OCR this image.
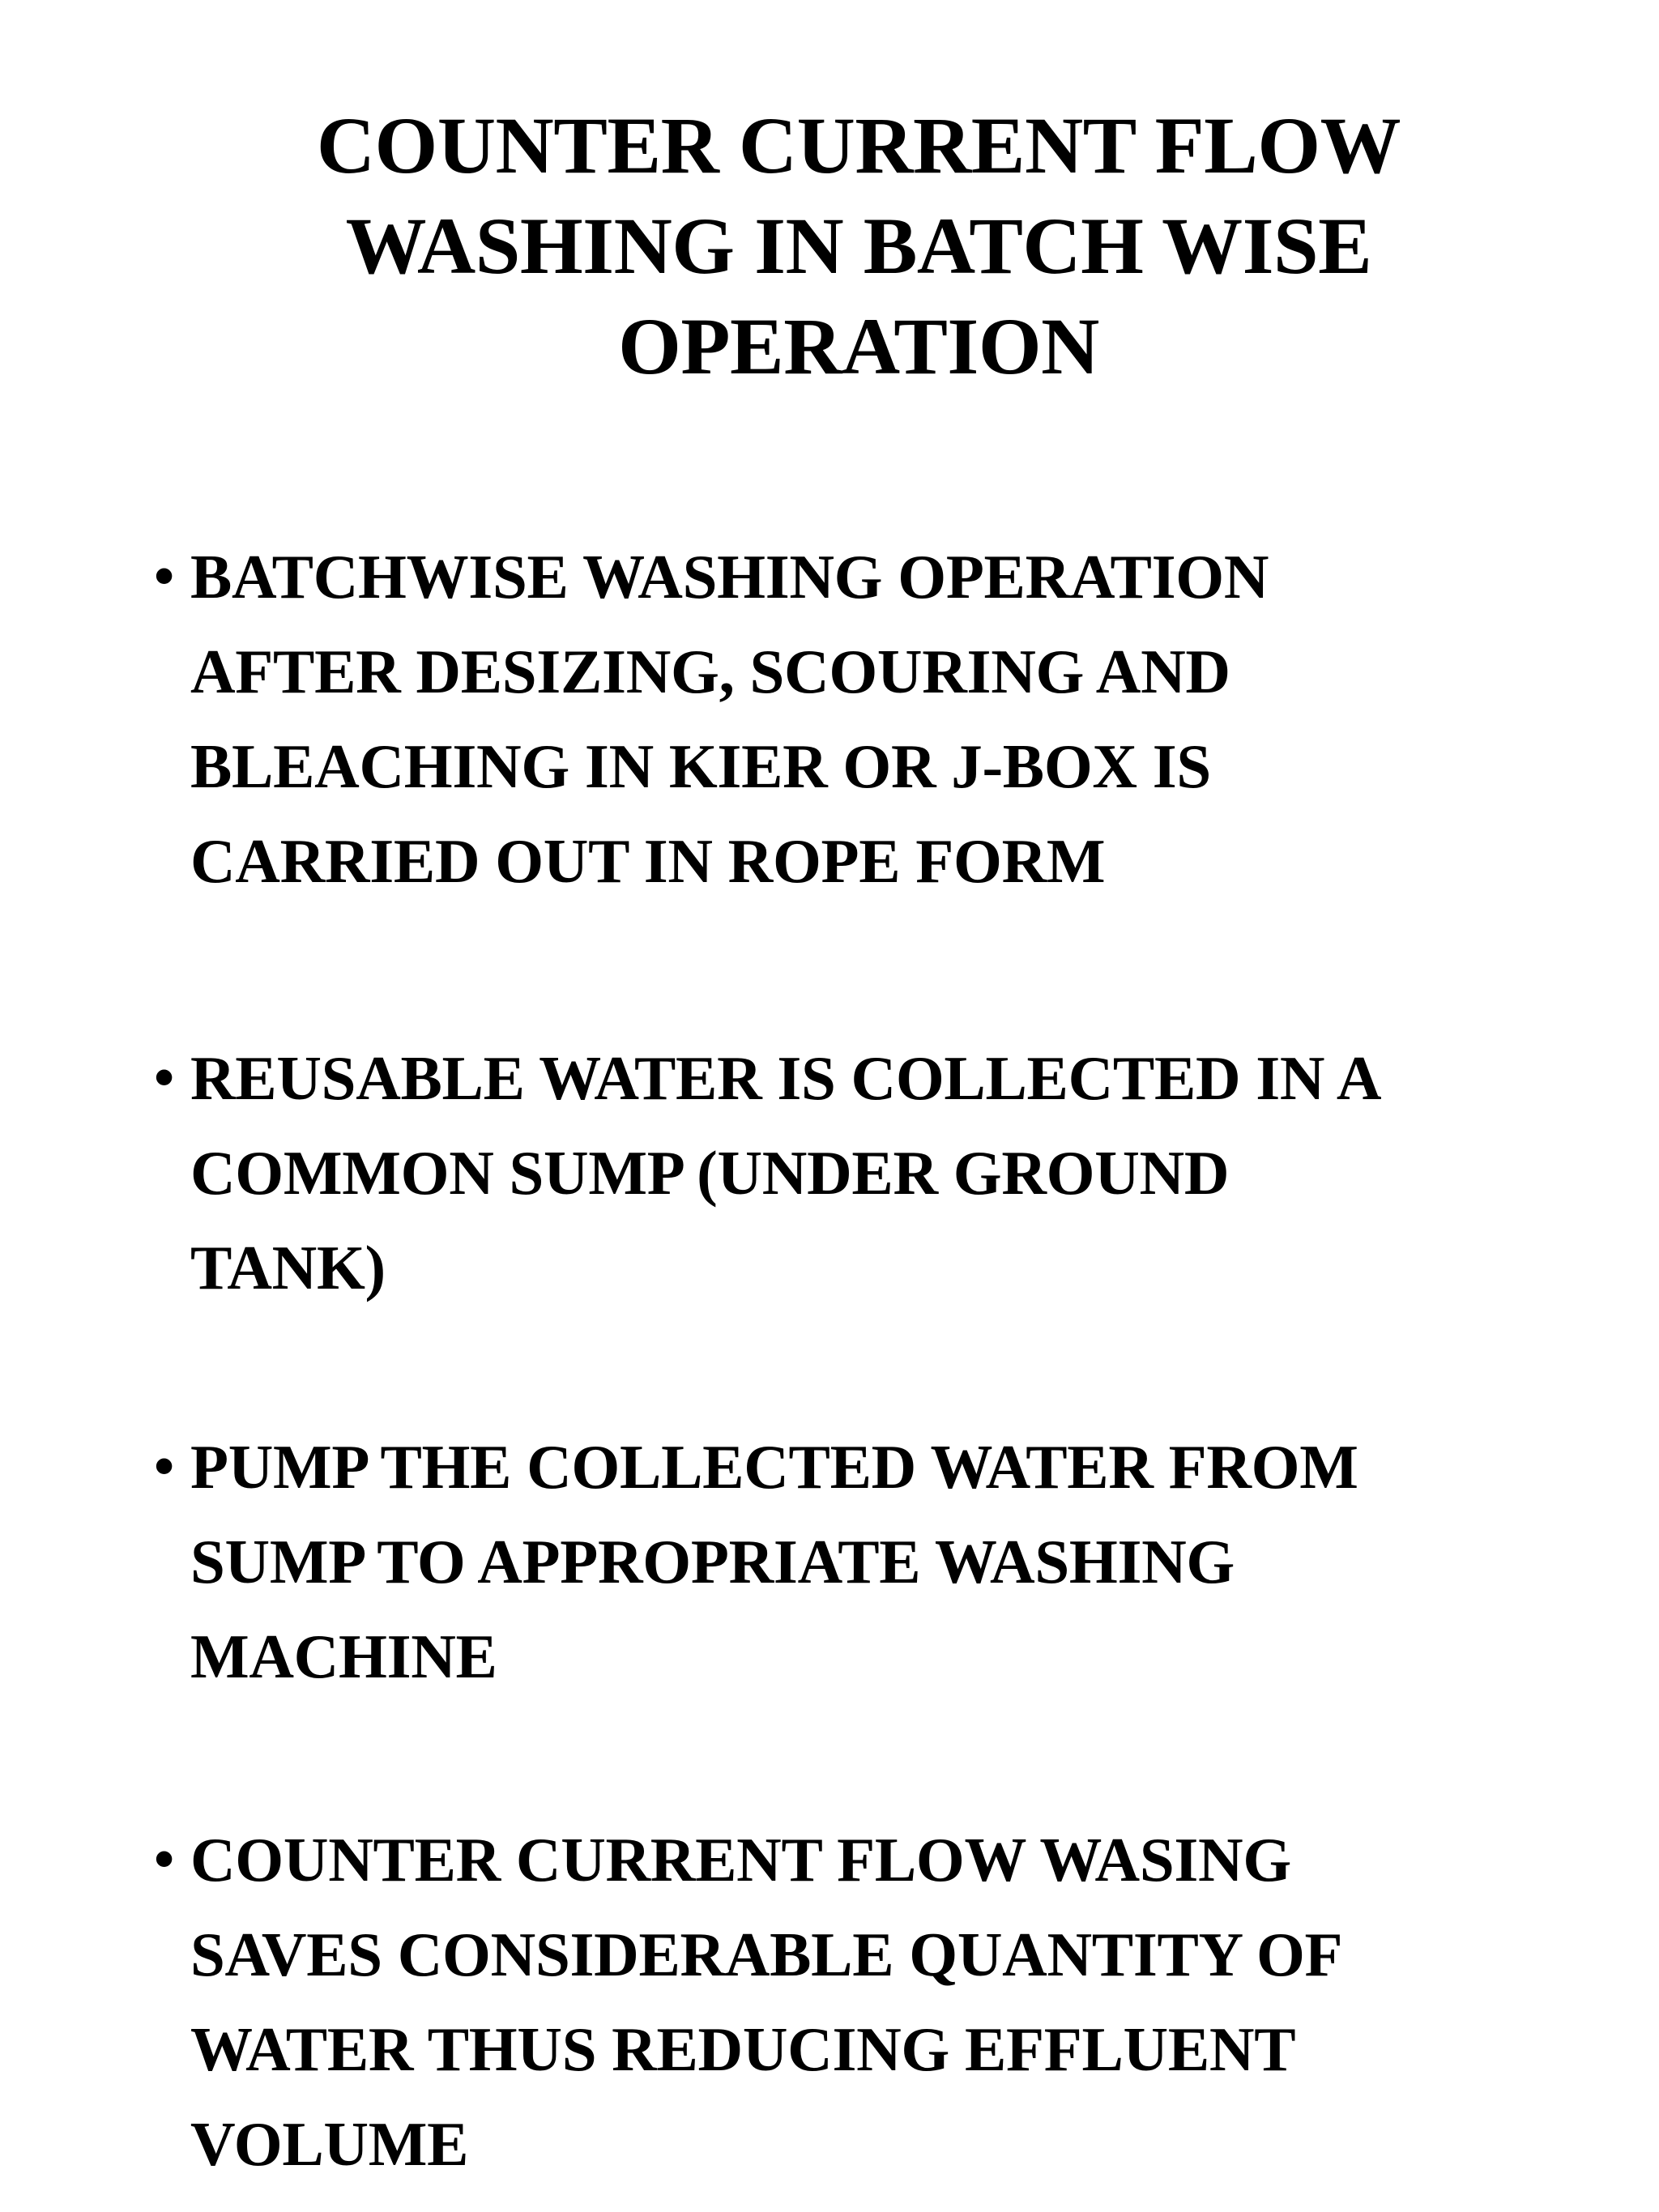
COUNTER CURRENT FLOW
WASHING IN BATCH WISE
OPERATION
• BATCHWISE WASHING OPERATION
AFTER DESIZING, SCOURING AND
BLEACHING IN KIER OR J-BOX IS
CARRIED OUT IN ROPE FORM
• REUSABLE WATER IS COLLECTED IN A
COMMON SUMP (UNDER GROUND
TANK)
• PUMP THE COLLECTED WATER FROM
SUMP TO APPROPRIATE WASHING
MACHINE
• COUNTER CURRENT FLOW WASING
SAVES CONSIDERABLE QUANTITY OF
WATER THUS REDUCING EFFLUENT
VOLUME
